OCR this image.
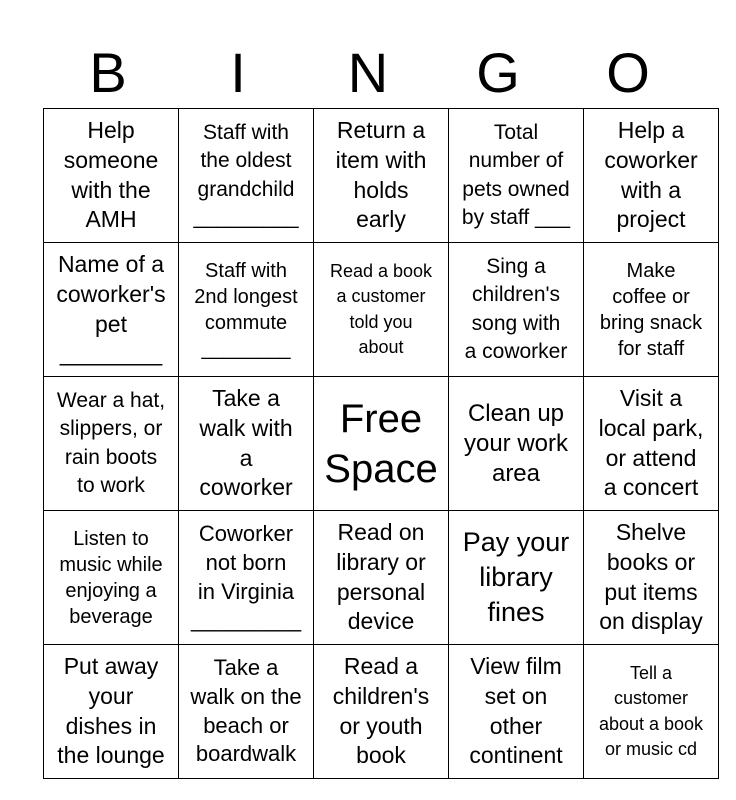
B	I	N	G	O
Help
someone
with the
AMH	Staff with
the oldest
grandchild
_________	Return a
item with
holds
early	Total
number of
pets owned
by staff ___	Help a
coworker
with a
project

Name of a
coworker's
pet
________	Staff with
2nd longest
commute
________	Read a book
a customer
told you
about	Sing a
children's
song with
a coworker	Make
coffee or
bring snack
for staff

Wear a hat,
slippers, or
rain boots
to work	Take a
walk with
a
coworker	Free
Space	Clean up
your work
area	Visit a
local park,
or attend
a concert

Listen to
music while
enjoying a
beverage	Coworker
not born
in Virginia
_________	Read on
library or
personal
device	Pay your
library
fines	Shelve
books or
put items
on display

Put away
your
dishes in
the lounge	Take a
walk on the
beach or
boardwalk	Read a
children's
or youth
book	View film
set on
other
continent	Tell a
customer
about a book
or music cd
